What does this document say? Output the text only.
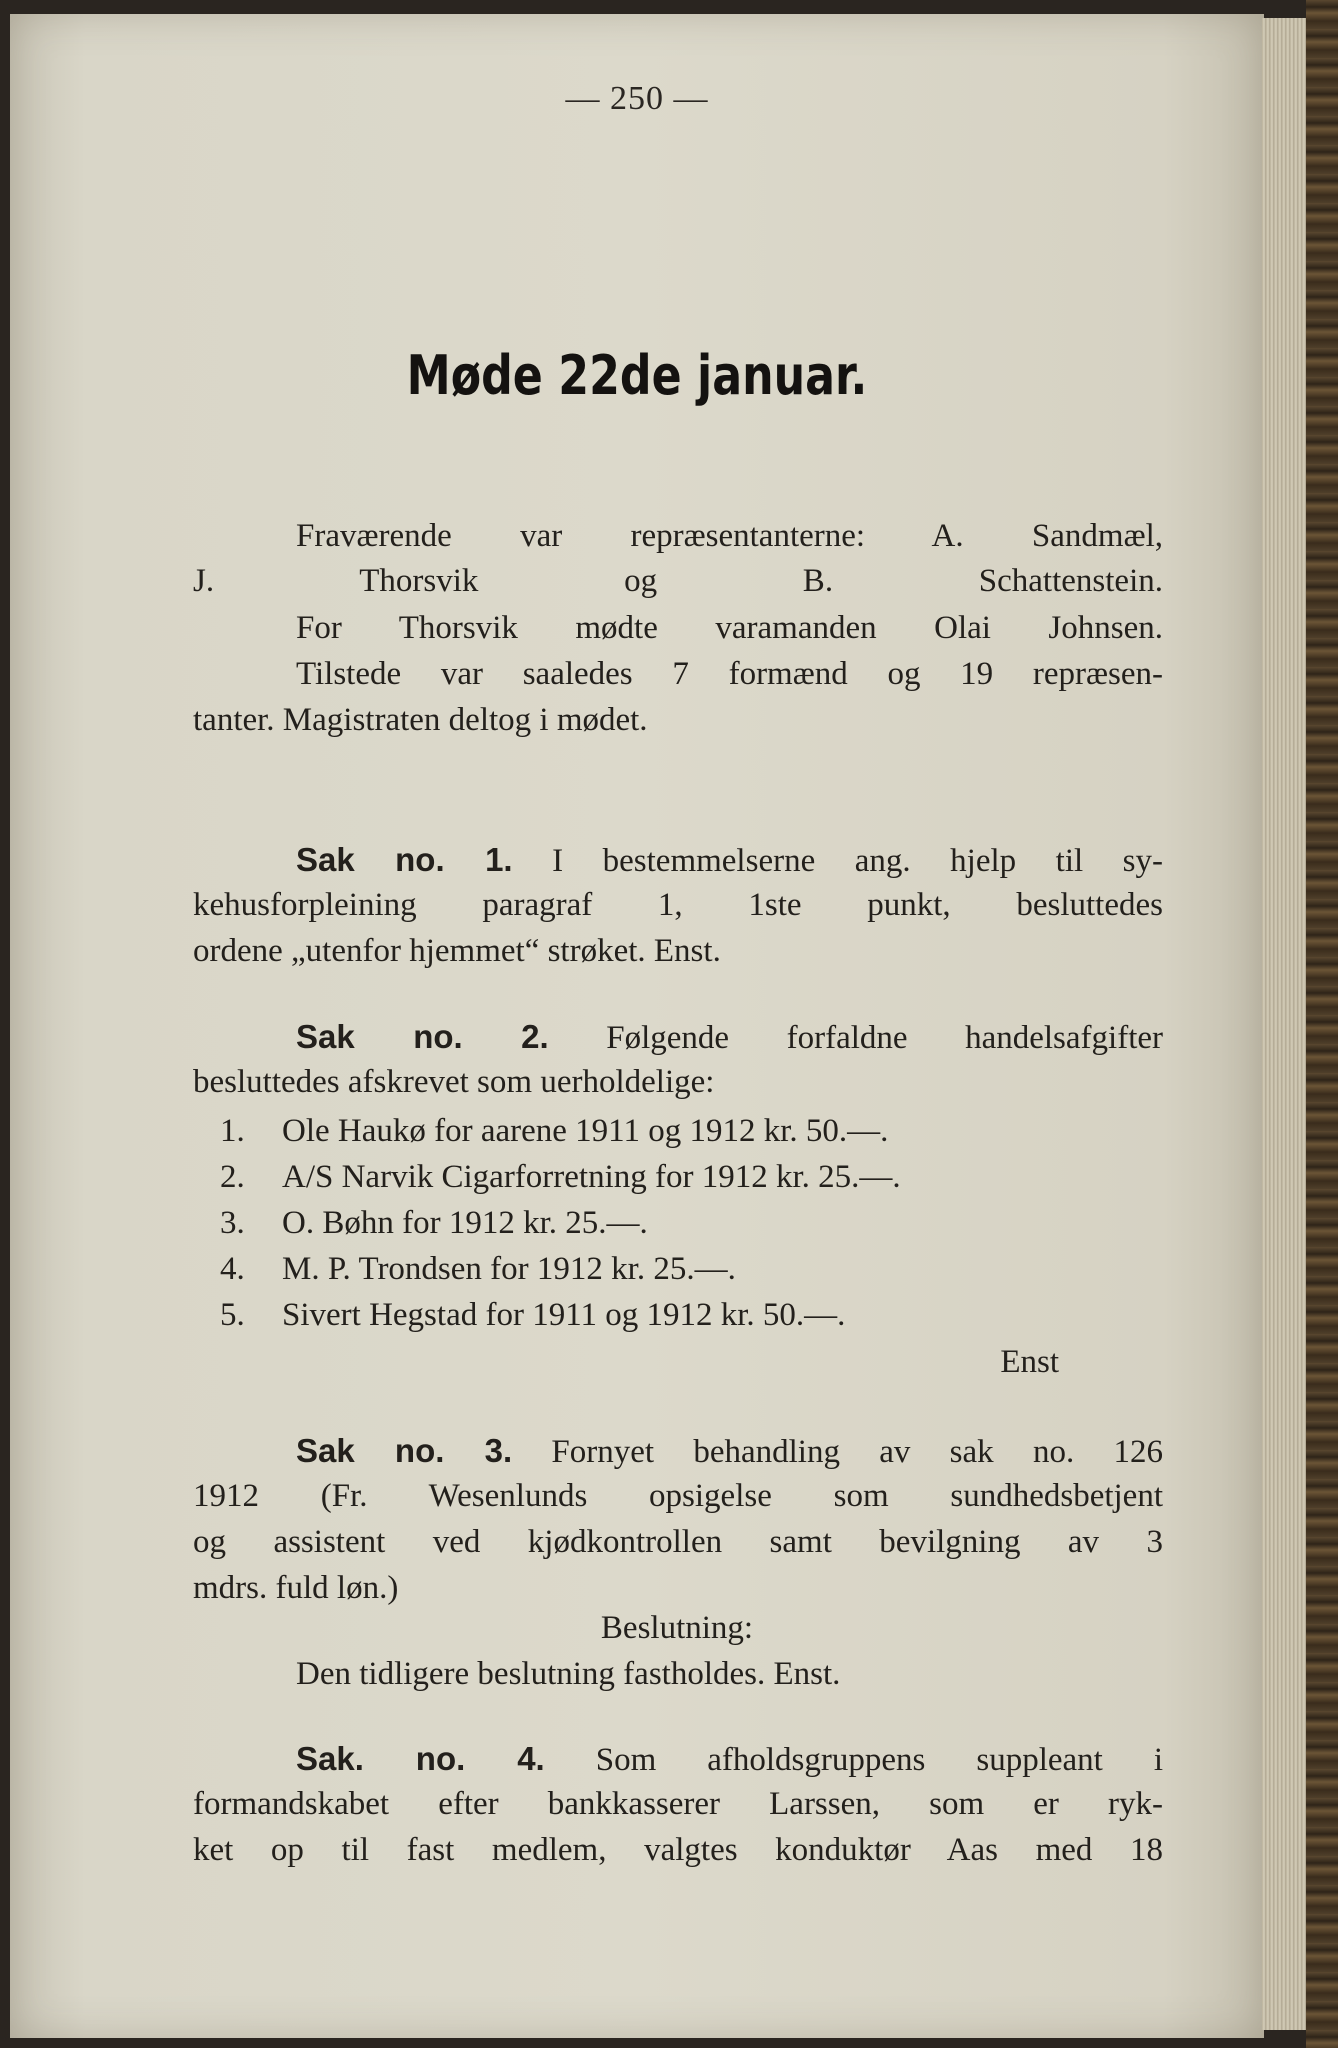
— 250 —
Møde 22de januar.
Fraværende var repræsentanterne: A. Sandmæl,
J. Thorsvik og B. Schattenstein.
For Thorsvik mødte varamanden Olai Johnsen.
Tilstede var saaledes 7 formænd og 19 repræsen-
tanter. Magistraten deltog i mødet.
Sak no. 1. I bestemmelserne ang. hjelp til sy-
kehusforpleining paragraf 1, 1ste punkt, besluttedes
ordene „utenfor hjemmet“ strøket. Enst.
Sak no. 2. Følgende forfaldne handelsafgifter
besluttedes afskrevet som uerholdelige:
1. Ole Haukø for aarene 1911 og 1912 kr. 50.—.
2. A/S Narvik Cigarforretning for 1912 kr. 25.—.
3. O. Bøhn for 1912 kr. 25.—.
4. M. P. Trondsen for 1912 kr. 25.—.
5. Sivert Hegstad for 1911 og 1912 kr. 50.—.
Enst
Sak no. 3. Fornyet behandling av sak no. 126
1912 (Fr. Wesenlunds opsigelse som sundhedsbetjent
og assistent ved kjødkontrollen samt bevilgning av 3
mdrs. fuld løn.)
Beslutning:
Den tidligere beslutning fastholdes. Enst.
Sak. no. 4. Som afholdsgruppens suppleant i
formandskabet efter bankkasserer Larssen, som er ryk-
ket op til fast medlem, valgtes konduktør Aas med 18
